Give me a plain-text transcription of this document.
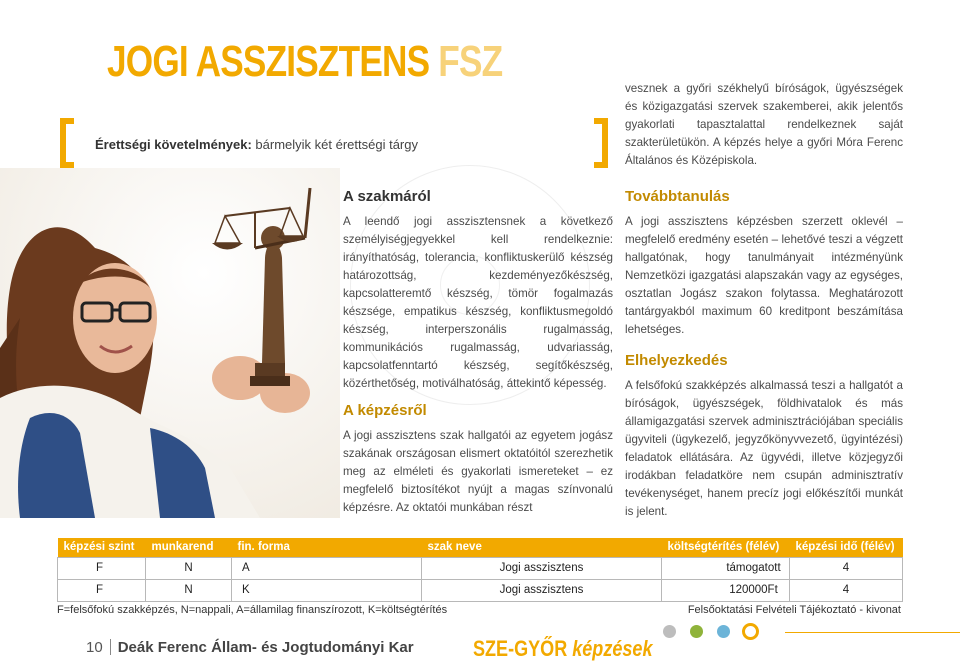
JOGI ASSZISZTENS FSZ
Érettségi követelmények: bármelyik két érettségi tárgy

vesznek a győri székhelyű bíróságok, ügyészségek és közigazgatási szervek szakemberei, akik jelentős gyakorlati tapasztalattal rendelkeznek saját szakterületükön. A képzés helye a győri Móra Ferenc Általános és Középiskola.

A szakmáról

A leendő jogi asszisztensnek a következő személyiségjegyekkel kell rendelkeznie: irányíthatóság, tolerancia, konfliktuskerülő készség határozottság, kezdeményezőkészség, kapcsolatteremtő készség, tömör fogalmazás készsége, empatikus készség, konfliktusmegoldó készség, interperszonális rugalmasság, kommunikációs rugalmasság, udvariasság, kapcsolatfenntartó készség, segítőkészség, közérthetőség, motiválhatóság, áttekintő képesség.

A képzésről

A jogi asszisztens szak hallgatói az egyetem jogász szakának országosan elismert oktatóitól szerezhetik meg az elméleti és gyakorlati ismereteket – ez megfelelő biztosítékot nyújt a magas színvonalú képzésre. Az oktatói munkában részt

Továbbtanulás

A jogi asszisztens képzésben szerzett oklevél – megfelelő eredmény esetén – lehetővé teszi a végzett hallgatónak, hogy tanulmányait intézményünk Nemzetközi igazgatási alapszakán vagy az egységes, osztatlan Jogász szakon folytassa. Meghatározott tantárgyakból maximum 60 kreditpont beszámítása lehetséges.

Elhelyezkedés

A felsőfokú szakképzés alkalmassá teszi a hallgatót a bíróságok, ügyészségek, földhivatalok és más államigazgatási szervek adminisztrációjában speciális ügyviteli (ügykezelő, jegyzőkönyvvezető, ügyintézési) feladatok ellátására. Az ügyvédi, illetve közjegyzői irodákban feladatköre nem csupán adminisztratív tevékenységet, hanem precíz jogi előkészítői munkát is jelent.

képzési szint	munkarend	fin. forma	szak neve	költségtérítés (félév)	képzési idő (félév)
F	N	A	Jogi asszisztens	támogatott	4
F	N	K	Jogi asszisztens	120000Ft	4
F=felsőfokú szakképzés, N=nappali, A=államilag finanszírozott, K=költségtérítés	Felsőoktatási Felvételi Tájékoztató - kivonat
10 Deák Ferenc Állam- és Jogtudományi Kar	SZE-GYŐR képzések
